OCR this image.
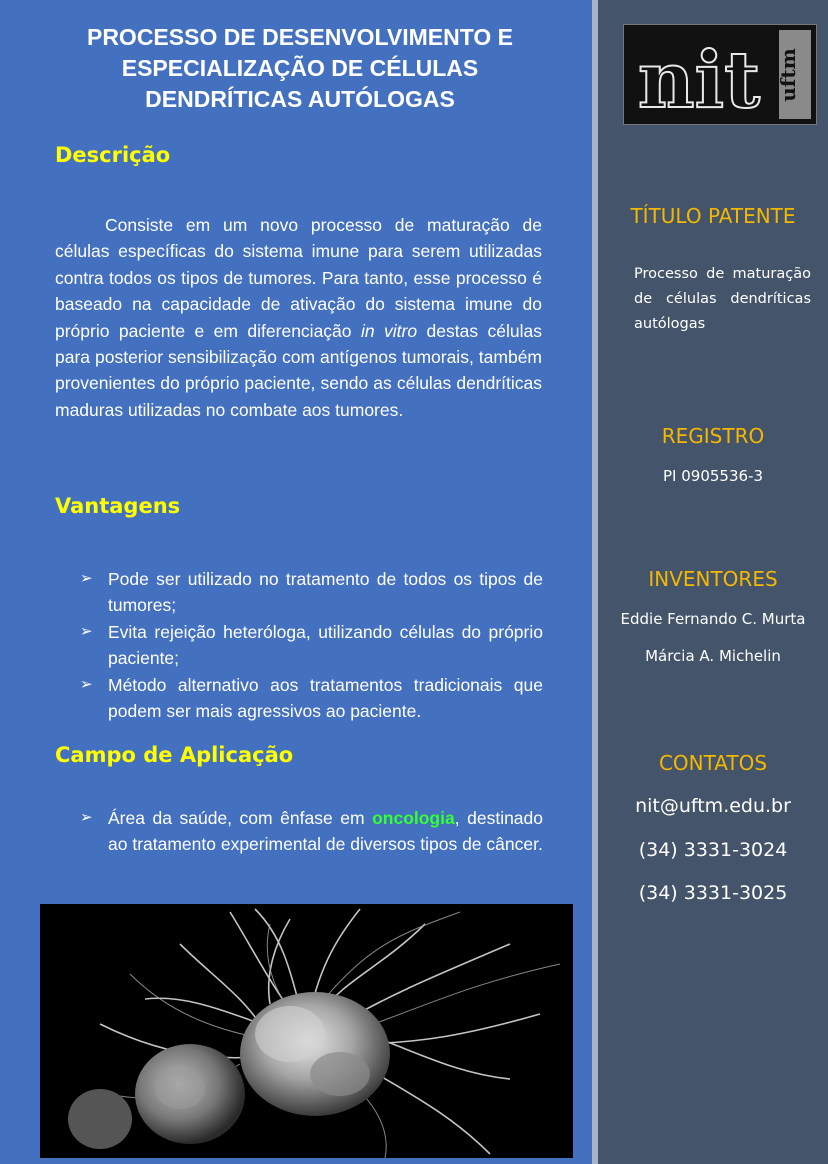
PROCESSO DE DESENVOLVIMENTO E ESPECIALIZAÇÃO DE CÉLULAS DENDRÍTICAS AUTÓLOGAS
Descrição

Consiste em um novo processo de maturação de células específicas do sistema imune para serem utilizadas contra todos os tipos de tumores. Para tanto, esse processo é baseado na capacidade de ativação do sistema imune do próprio paciente e em diferenciação in vitro destas células para posterior sensibilização com antígenos tumorais, também provenientes do próprio paciente, sendo as células dendríticas maduras utilizadas no combate aos tumores.

Vantagens
➢ Pode ser utilizado no tratamento de todos os tipos de tumores;
➢ Evita rejeição heteróloga, utilizando células do próprio paciente;
➢ Método alternativo aos tratamentos tradicionais que podem ser mais agressivos ao paciente.
Campo de Aplicação
➢ Área da saúde, com ênfase em oncologia, destinado ao tratamento experimental de diversos tipos de câncer.
nit uftm
TÍTULO PATENTE
Processo de maturação de células dendríticas autólogas
REGISTRO
PI 0905536-3
INVENTORES
Eddie Fernando C. Murta
Márcia A. Michelin
CONTATOS
nit@uftm.edu.br
(34) 3331-3024
(34) 3331-3025
